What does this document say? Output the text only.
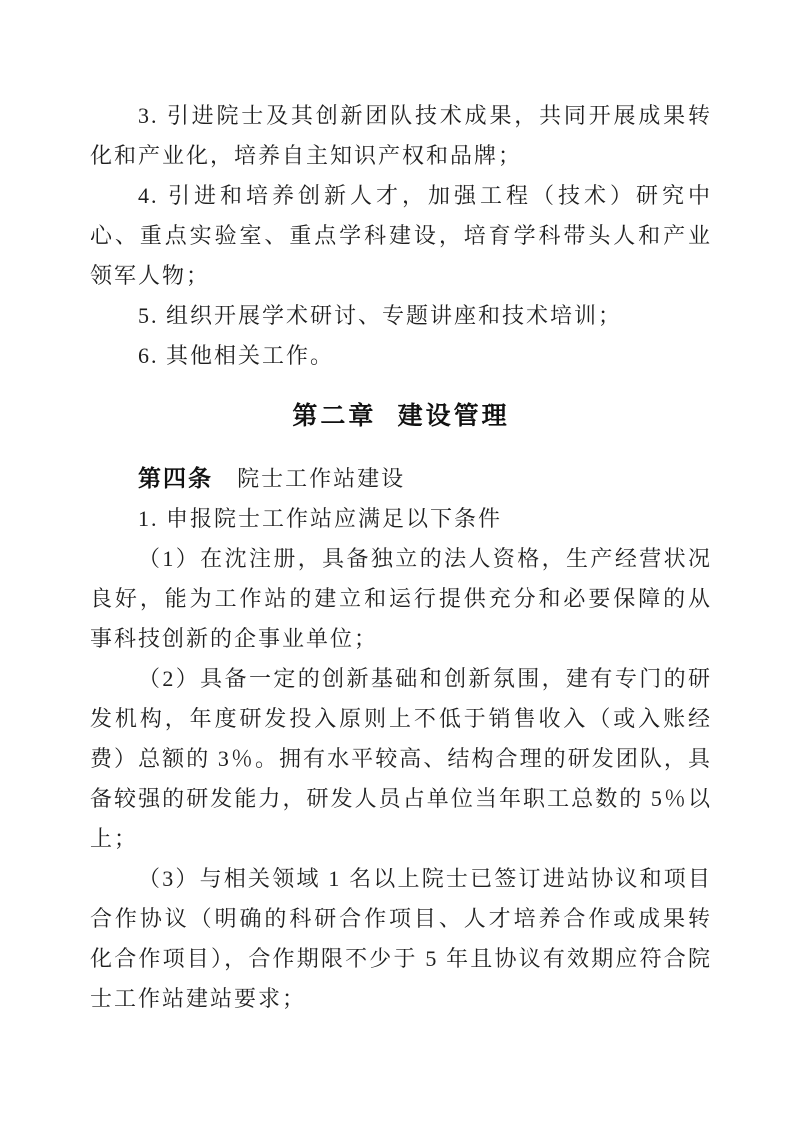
3. 引进院士及其创新团队技术成果，共同开展成果转化和产业化，培养自主知识产权和品牌；

4. 引进和培养创新人才，加强工程（技术）研究中心、重点实验室、重点学科建设，培育学科带头人和产业领军人物；

5. 组织开展学术研讨、专题讲座和技术培训；

6. 其他相关工作。

第二章 建设管理

第四条 院士工作站建设

1. 申报院士工作站应满足以下条件

（1）在沈注册，具备独立的法人资格，生产经营状况良好，能为工作站的建立和运行提供充分和必要保障的从事科技创新的企事业单位；

（2）具备一定的创新基础和创新氛围，建有专门的研发机构，年度研发投入原则上不低于销售收入（或入账经费）总额的 3％。拥有水平较高、结构合理的研发团队，具备较强的研发能力，研发人员占单位当年职工总数的 5％以上；

（3）与相关领域 1 名以上院士已签订进站协议和项目合作协议（明确的科研合作项目、人才培养合作或成果转化合作项目），合作期限不少于 5 年且协议有效期应符合院士工作站建站要求；
